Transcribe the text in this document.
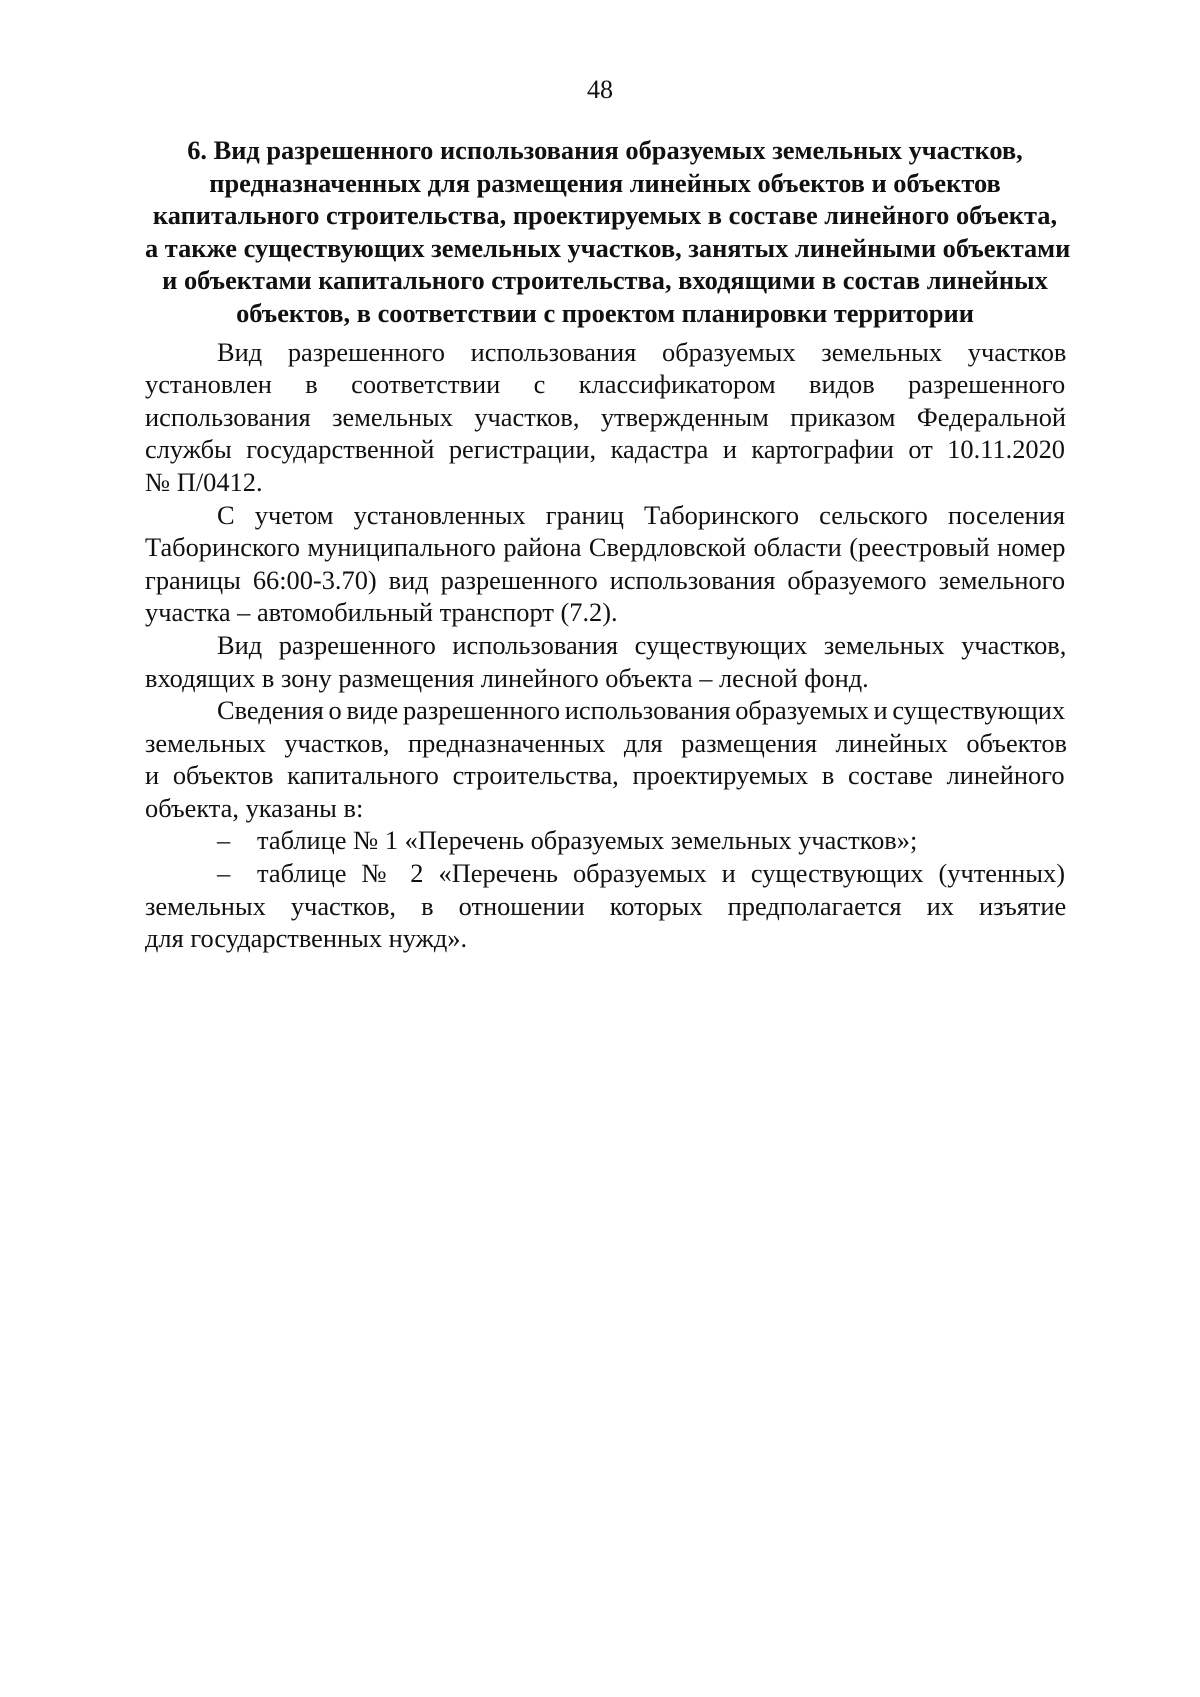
48
6. Вид разрешенного использования образуемых земельных участков,
предназначенных для размещения линейных объектов и объектов
капитального строительства, проектируемых в составе линейного объекта,
а также существующих земельных участков, занятых линейными объектами
и объектами капитального строительства, входящими в состав линейных
объектов, в соответствии с проектом планировки территории
Вид разрешенного использования образуемых земельных участков
установлен в соответствии с классификатором видов разрешенного
использования земельных участков, утвержденным приказом Федеральной
службы государственной регистрации, кадастра и картографии от 10.11.2020
№ П/0412.
С учетом установленных границ Таборинского сельского поселения
Таборинского муниципального района Свердловской области (реестровый номер
границы 66:00-3.70) вид разрешенного использования образуемого земельного
участка – автомобильный транспорт (7.2).
Вид разрешенного использования существующих земельных участков,
входящих в зону размещения линейного объекта – лесной фонд.
Сведения о виде разрешенного использования образуемых и существующих
земельных участков, предназначенных для размещения линейных объектов
и объектов капитального строительства, проектируемых в составе линейного
объекта, указаны в:
– таблице № 1 «Перечень образуемых земельных участков»;
– таблице № 2 «Перечень образуемых и существующих (учтенных)
земельных участков, в отношении которых предполагается их изъятие
для государственных нужд».
